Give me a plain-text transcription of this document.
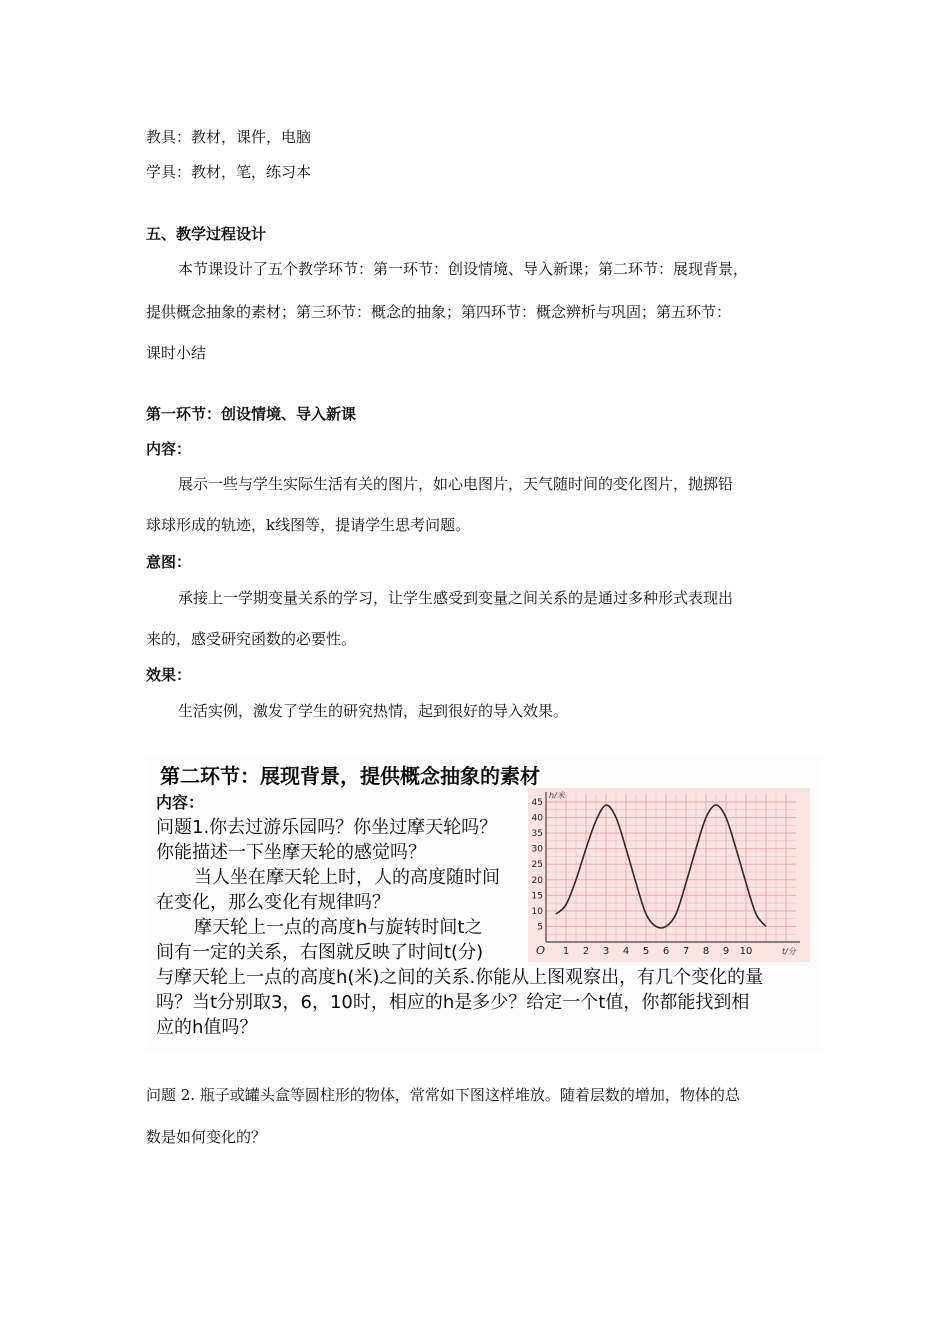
教具：教材，课件，电脑
学具：教材，笔，练习本
五、教学过程设计
本节课设计了五个教学环节：第一环节：创设情境、导入新课；第二环节：展现背景，
提供概念抽象的素材；第三环节：概念的抽象；第四环节：概念辨析与巩固；第五环节：
课时小结
第一环节：创设情境、导入新课
内容：
展示一些与学生实际生活有关的图片，如心电图片，天气随时间的变化图片，抛掷铅
球球形成的轨迹，k线图等，提请学生思考问题。
意图：
承接上一学期变量关系的学习，让学生感受到变量之间关系的是通过多种形式表现出
来的，感受研究函数的必要性。
效果：
生活实例，激发了学生的研究热情，起到很好的导入效果。
第二环节：展现背景，提供概念抽象的素材
内容：
问题1.你去过游乐园吗？你坐过摩天轮吗？
你能描述一下坐摩天轮的感觉吗？
当人坐在摩天轮上时，人的高度随时间
在变化，那么变化有规律吗？
摩天轮上一点的高度h与旋转时间t之
间有一定的关系，右图就反映了时间t(分)
与摩天轮上一点的高度h(米)之间的关系.你能从上图观察出，有几个变化的量
吗？当t分别取3，6，10时，相应的h是多少？给定一个t值，你都能找到相
应的h值吗？
5
10
15
20
25
30
35
40
45
1 2 3 4 5 6 7 8 9 10
O
h/米
t/分
问题 2. 瓶子或罐头盒等圆柱形的物体，常常如下图这样堆放。随着层数的增加，物体的总
数是如何变化的？
